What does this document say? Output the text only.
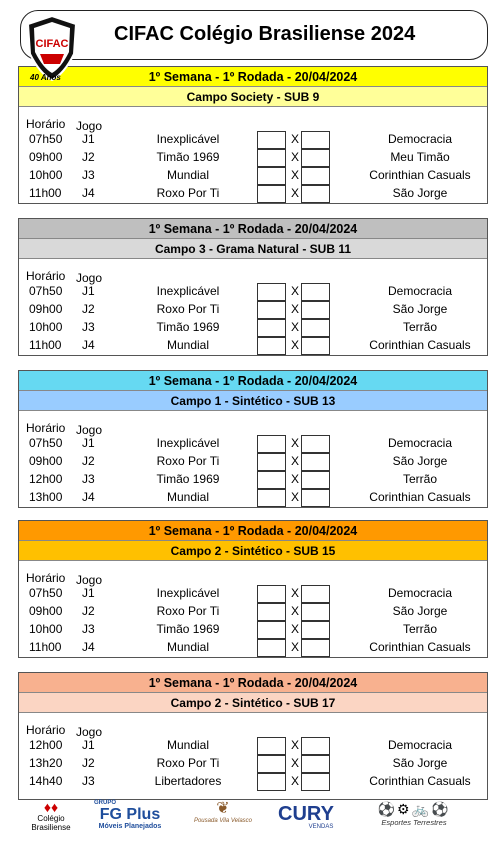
CIFAC Colégio Brasiliense 2024
CIFAC
40 Anos	1º Semana - 1º Rodada - 20/04/2024
Campo Society - SUB 9
Horário Jogo
07h50 J1	Inexplicável	X	Democracia
09h00 J2	Timão 1969	X	Meu Timão
10h00 J3	Mundial	X	Corinthian Casuals
11h00 J4	Roxo Por Ti	X	São Jorge
1º Semana - 1º Rodada - 20/04/2024
Campo 3 - Grama Natural - SUB 11
Horário Jogo
07h50 J1	Inexplicável	X	Democracia
09h00 J2	Roxo Por Ti	X	São Jorge
10h00 J3	Timão 1969	X	Terrão
11h00 J4	Mundial	X	Corinthian Casuals
1º Semana - 1º Rodada - 20/04/2024
Campo 1 - Sintético - SUB 13
Horário Jogo
07h50 J1	Inexplicável	X	Democracia
09h00 J2	Roxo Por Ti	X	São Jorge
12h00 J3	Timão 1969	X	Terrão
13h00 J4	Mundial	X	Corinthian Casuals
1º Semana - 1º Rodada - 20/04/2024
Campo 2 - Sintético - SUB 15
Horário Jogo
07h50 J1	Inexplicável	X	Democracia
09h00 J2	Roxo Por Ti	X	São Jorge
10h00 J3	Timão 1969	X	Terrão
11h00 J4	Mundial	X	Corinthian Casuals
1º Semana - 1º Rodada - 20/04/2024
Campo 2 - Sintético - SUB 17
Horário Jogo
12h00 J1	Mundial	X	Democracia
13h20 J2	Roxo Por Ti	X	São Jorge
14h40 J3	Libertadores	X	Corinthian Casuals
♦♦
Colégio Brasiliense
GRUPO
FG Plus
Móveis Planejados
❦
Pousada Vila Velasco	CURY
VENDAS
⚽⚙🚲⚽
Esportes Terrestres
